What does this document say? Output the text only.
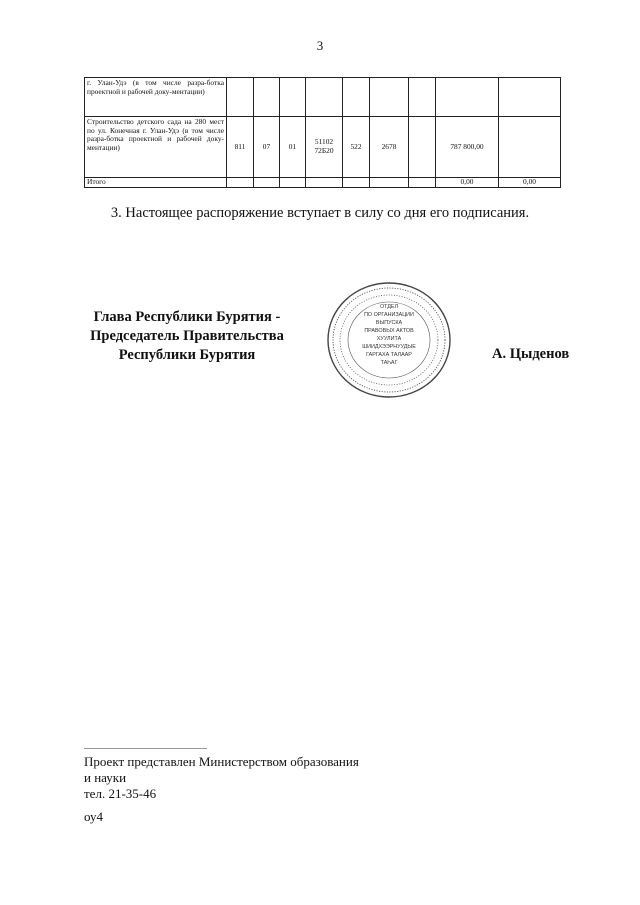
3
г. Улан-Удэ (в том числе разра-ботка проектной и рабочей доку-ментации)									
Строительство детского сада на 280 мест по ул. Конечная г. Улан-Удэ (в том числе разра-ботка проектной и рабочей доку-ментации)	811	07	01	51102 72Б20	522	2678		787 800,00	
Итого								0,00	0,00
3. Настоящее распоряжение вступает в силу со дня его подписания.
Глава Республики Бурятия -
Председатель Правительства
Республики Бурятия
ОТДЕЛ
ПО ОРГАНИЗАЦИИ
ВЫПУСКА
ПРАВОВЫХ АКТОВ
ХУУЛИТА
ШИИДХЭЭРНУУДЫЕ
ГАРГАХА ТАЛААР
ТАҺАГ
А. Цыденов
Проект представлен Министерством образования
и науки
тел. 21-35-46
оу4
